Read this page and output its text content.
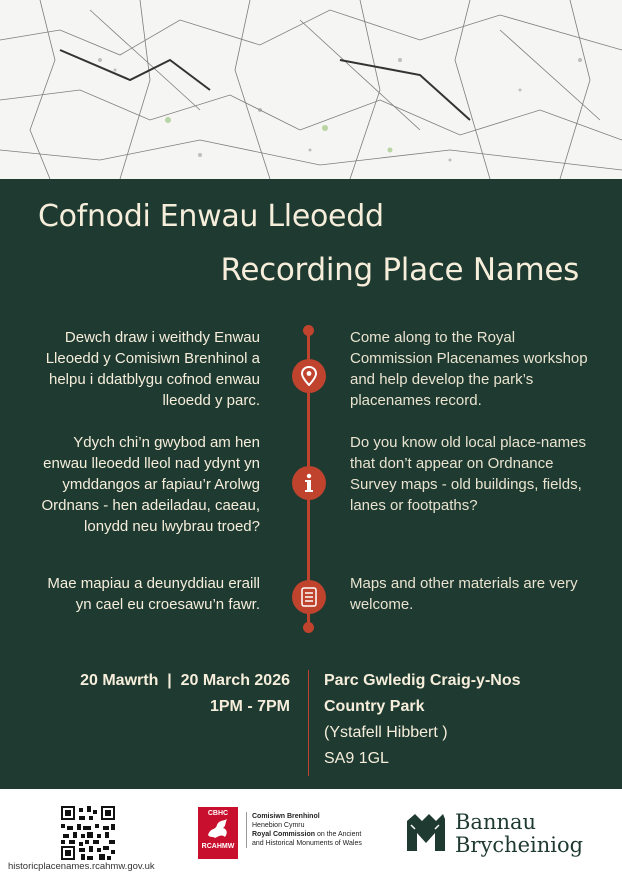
Cofnodi Enwau Lleoedd
Recording Place Names
Dewch draw i weithdy Enwau Lleoedd y Comisiwn Brenhinol a helpu i ddatblygu cofnod enwau lleoedd y parc.
Come along to the Royal Commission Placenames workshop and help develop the park’s placenames record.
Ydych chi’n gwybod am hen enwau lleoedd lleol nad ydynt yn ymddangos ar fapiau’r Arolwg Ordnans - hen adeiladau, caeau, lonydd neu lwybrau troed?
Do you know old local place-names that don’t appear on Ordnance Survey maps - old buildings, fields, lanes or footpaths?
Mae mapiau a deunyddiau eraill yn cael eu croesawu’n fawr.
Maps and other materials are very welcome.
20 Mawrth  |  20 March 2026
1PM - 7PM
Parc Gwledig Craig-y-Nos
Country Park
(Ystafell Hibbert )
SA9 1GL
historicplacenames.rcahmw.gov.uk
CBHC
RCAHMW
Comisiwn Brenhinol
Henebion Cymru
Royal Commission on the Ancient
and Historical Monuments of Wales
Bannau
Brycheiniog
